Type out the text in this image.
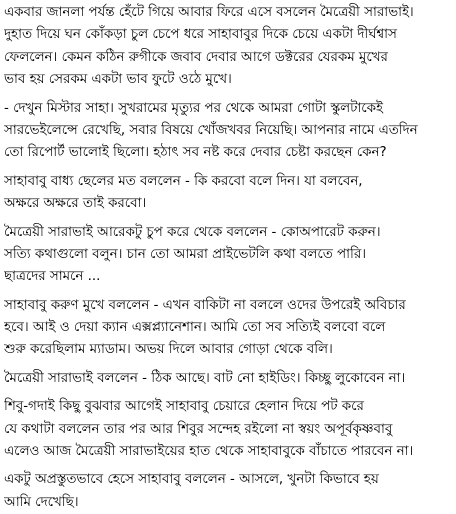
একবার জানলা পর্যন্ত হেঁটে গিয়ে আবার ফিরে এসে বসলেন মৈত্রেয়ী সারাভাই।
দুহাত দিয়ে ঘন কোঁকড়া চুল চেপে ধরে সাহাবাবুর দিকে চেয়ে একটা দীর্ঘশ্বাস
ফেললেন। কেমন কঠিন রুগীকে জবাব দেবার আগে ডক্টরের যেরকম মুখের
ভাব হয় সেরকম একটা ভাব ফুটে ওঠে মুখে।
- দেখুন মিস্টার সাহা। সুখরামের মৃত্যুর পর থেকে আমরা গোটা স্কুলটাকেই
সারভেইলেন্সে রেখেছি, সবার বিষয়ে খোঁজখবর নিয়েছি। আপনার নামে এতদিন
তো রিপোর্ট ভালোই ছিলো। হঠাৎ সব নষ্ট করে দেবার চেষ্টা করছেন কেন?
সাহাবাবু বাধ্য ছেলের মত বললেন - কি করবো বলে দিন। যা বলবেন,
অক্ষরে অক্ষরে তাই করবো।
মৈত্রেয়ী সারাভাই আরেকটু চুপ করে থেকে বললেন - কোঅপারেট করুন।
সত্যি কথাগুলো বলুন। চান তো আমরা প্রাইভেটলি কথা বলতে পারি।
ছাত্রদের সামনে ...
সাহাবাবু করুণ মুখে বললেন - এখন বাকিটা না বললে ওদের উপরেই অবিচার
হবে। আই ও দেয়া ক্যান এক্সপ্ল্যানেশান। আমি তো সব সত্যিই বলবো বলে
শুরু করেছিলাম ম্যাডাম। অভয় দিলে আবার গোড়া থেকে বলি।
মৈত্রেয়ী সারাভাই বললেন - ঠিক আছে। বাট নো হাইডিং। কিচ্ছু লুকোবেন না।
শিবু-গদাই কিছু বুঝবার আগেই সাহাবাবু চেয়ারে হেলান দিয়ে পট করে
যে কথাটা বললেন তার পর আর শিবুর সন্দেহ রইলো না স্বয়ং অপূর্বকৃষ্ণবাবু
এলেও আজ মৈত্রেয়ী সারাভাইয়ের হাত থেকে সাহাবাবুকে বাঁচাতে পারবেন না।
একটু অপ্রস্তুতভাবে হেসে সাহাবাবু বললেন - আসলে, খুনটা কিভাবে হয়
আমি দেখেছি।
